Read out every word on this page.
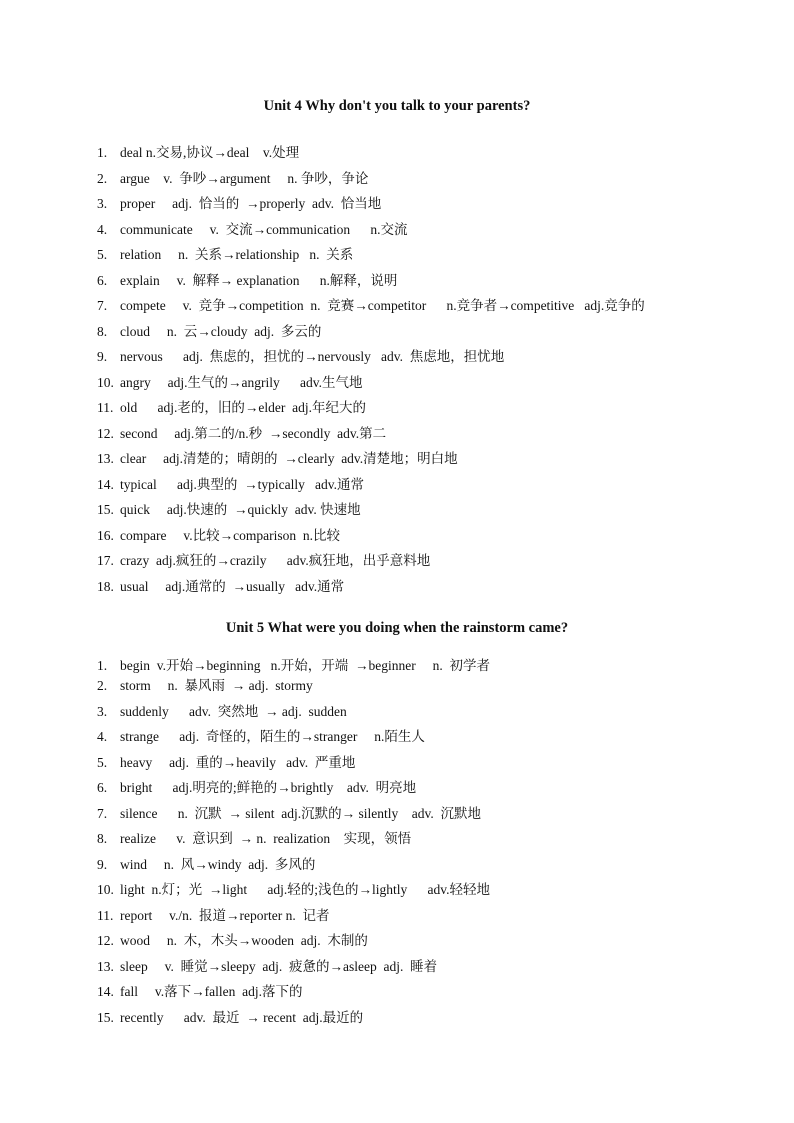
Unit 4 Why don't you talk to your parents?
1. deal n.交易,协议→deal    v.处理
2. argue    v.  争吵→argument     n. 争吵，争论
3. proper     adj.  恰当的  →properly  adv.  恰当地
4. communicate     v.  交流→communication      n.交流
5. relation     n.  关系→relationship   n.  关系
6. explain     v.  解释→ explanation      n.解释，说明
7. compete     v.  竞争→competition  n.  竞赛→competitor      n.竞争者→competitive   adj.竞争的
8. cloud     n.  云→cloudy  adj.  多云的
9. nervous      adj.  焦虑的，担忧的→nervously   adv.  焦虑地，担忧地
10. angry     adj.生气的→angrily      adv.生气地
11. old      adj.老的，旧的→elder  adj.年纪大的
12. second     adj.第二的/n.秒  →secondly  adv.第二
13. clear     adj.清楚的；晴朗的  →clearly  adv.清楚地；明白地
14. typical      adj.典型的  →typically   adv.通常
15. quick     adj.快速的  →quickly  adv. 快速地
16. compare     v.比较→comparison  n.比较
17. crazy  adj.疯狂的→crazily      adv.疯狂地，出乎意料地
18. usual     adj.通常的  →usually   adv.通常
Unit 5 What were you doing when the rainstorm came?
1. begin  v.开始→beginning   n.开始，开端  →beginner     n.  初学者
2. storm     n.  暴风雨  → adj.  stormy
3. suddenly      adv.  突然地  → adj.  sudden
4. strange      adj.  奇怪的，陌生的→stranger     n.陌生人
5. heavy     adj.  重的→heavily   adv.  严重地
6. bright      adj.明亮的;鲜艳的→brightly    adv.  明亮地
7. silence      n.  沉默  → silent  adj.沉默的→ silently    adv.  沉默地
8. realize      v.  意识到  → n.  realization    实现，领悟
9. wind     n.  风→windy  adj.  多风的
10. light  n.灯；光  →light      adj.轻的;浅色的→lightly      adv.轻轻地
11. report     v./n.  报道→reporter n.  记者
12. wood     n.  木，木头→wooden  adj.  木制的
13. sleep     v.  睡觉→sleepy  adj.  疲惫的→asleep  adj.  睡着
14. fall     v.落下→fallen  adj.落下的
15. recently      adv.  最近  → recent  adj.最近的
